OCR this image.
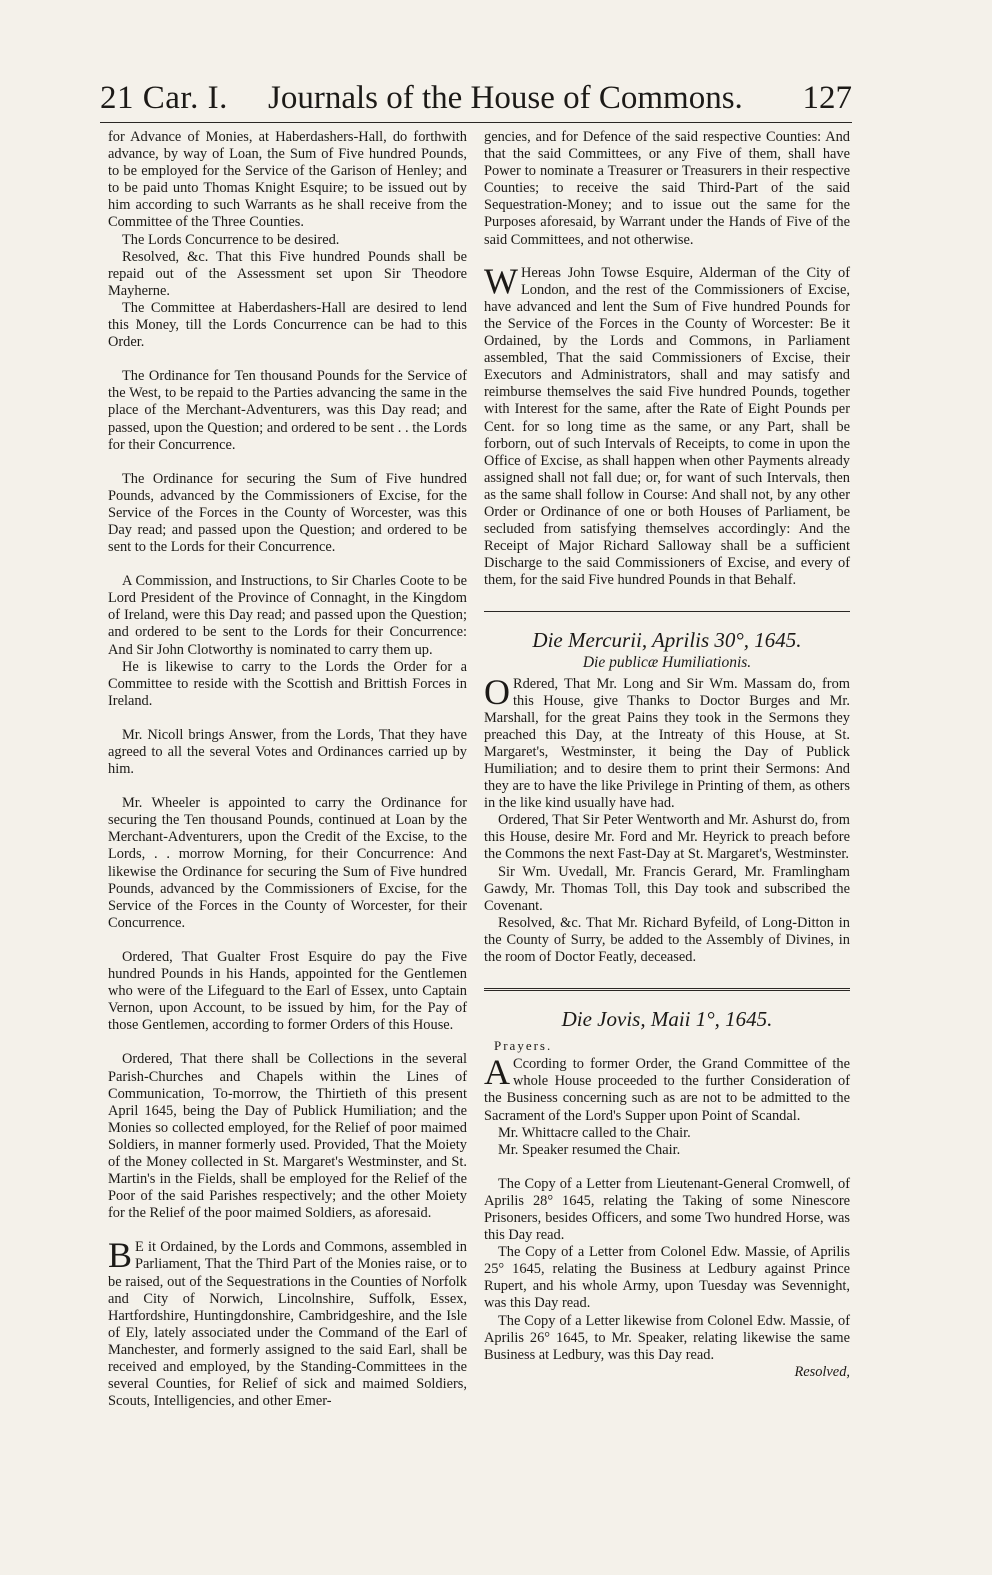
21 Car. I. Journals of the House of Commons. 127

for Advance of Monies, at Haberdashers-Hall, do forthwith advance, by way of Loan, the Sum of Five hundred Pounds, to be employed for the Service of the Garison of Henley; and to be paid unto Thomas Knight Esquire; to be issued out by him according to such Warrants as he shall receive from the Committee of the Three Counties.

The Lords Concurrence to be desired.

Resolved, &c. That this Five hundred Pounds shall be repaid out of the Assessment set upon Sir Theodore Mayherne.

The Committee at Haberdashers-Hall are desired to lend this Money, till the Lords Concurrence can be had to this Order.

The Ordinance for Ten thousand Pounds for the Service of the West, to be repaid to the Parties advancing the same in the place of the Merchant-Adventurers, was this Day read; and passed, upon the Question; and ordered to be sent . . the Lords for their Concurrence.

The Ordinance for securing the Sum of Five hundred Pounds, advanced by the Commissioners of Excise, for the Service of the Forces in the County of Worcester, was this Day read; and passed upon the Question; and ordered to be sent to the Lords for their Concurrence.

A Commission, and Instructions, to Sir Charles Coote to be Lord President of the Province of Connaght, in the Kingdom of Ireland, were this Day read; and passed upon the Question; and ordered to be sent to the Lords for their Concurrence: And Sir John Clotworthy is nominated to carry them up.

He is likewise to carry to the Lords the Order for a Committee to reside with the Scottish and Brittish Forces in Ireland.

Mr. Nicoll brings Answer, from the Lords, That they have agreed to all the several Votes and Ordinances carried up by him.

Mr. Wheeler is appointed to carry the Ordinance for securing the Ten thousand Pounds, continued at Loan by the Merchant-Adventurers, upon the Credit of the Excise, to the Lords, . . morrow Morning, for their Concurrence: And likewise the Ordinance for securing the Sum of Five hundred Pounds, advanced by the Commissioners of Excise, for the Service of the Forces in the County of Worcester, for their Concurrence.

Ordered, That Gualter Frost Esquire do pay the Five hundred Pounds in his Hands, appointed for the Gentlemen who were of the Lifeguard to the Earl of Essex, unto Captain Vernon, upon Account, to be issued by him, for the Pay of those Gentlemen, according to former Orders of this House.

Ordered, That there shall be Collections in the several Parish-Churches and Chapels within the Lines of Communication, To-morrow, the Thirtieth of this present April 1645, being the Day of Publick Humiliation; and the Monies so collected employed, for the Relief of poor maimed Soldiers, in manner formerly used. Provided, That the Moiety of the Money collected in St. Margaret's Westminster, and St. Martin's in the Fields, shall be employed for the Relief of the Poor of the said Parishes respectively; and the other Moiety for the Relief of the poor maimed Soldiers, as aforesaid.

BE it Ordained, by the Lords and Commons, assembled in Parliament, That the Third Part of the Monies raise, or to be raised, out of the Sequestrations in the Counties of Norfolk and City of Norwich, Lincolnshire, Suffolk, Essex, Hartfordshire, Huntingdonshire, Cambridgeshire, and the Isle of Ely, lately associated under the Command of the Earl of Manchester, and formerly assigned to the said Earl, shall be received and employed, by the Standing-Committees in the several Counties, for Relief of sick and maimed Soldiers, Scouts, Intelligencies, and other Emer-

gencies, and for Defence of the said respective Counties: And that the said Committees, or any Five of them, shall have Power to nominate a Treasurer or Treasurers in their respective Counties; to receive the said Third-Part of the said Sequestration-Money; and to issue out the same for the Purposes aforesaid, by Warrant under the Hands of Five of the said Committees, and not otherwise.

WHereas John Towse Esquire, Alderman of the City of London, and the rest of the Commissioners of Excise, have advanced and lent the Sum of Five hundred Pounds for the Service of the Forces in the County of Worcester: Be it Ordained, by the Lords and Commons, in Parliament assembled, That the said Commissioners of Excise, their Executors and Administrators, shall and may satisfy and reimburse themselves the said Five hundred Pounds, together with Interest for the same, after the Rate of Eight Pounds per Cent. for so long time as the same, or any Part, shall be forborn, out of such Intervals of Receipts, to come in upon the Office of Excise, as shall happen when other Payments already assigned shall not fall due; or, for want of such Intervals, then as the same shall follow in Course: And shall not, by any other Order or Ordinance of one or both Houses of Parliament, be secluded from satisfying themselves accordingly: And the Receipt of Major Richard Salloway shall be a sufficient Discharge to the said Commissioners of Excise, and every of them, for the said Five hundred Pounds in that Behalf.

Die Mercurii, Aprilis 30°, 1645.
Die publicæ Humiliationis.

ORdered, That Mr. Long and Sir Wm. Massam do, from this House, give Thanks to Doctor Burges and Mr. Marshall, for the great Pains they took in the Sermons they preached this Day, at the Intreaty of this House, at St. Margaret's, Westminster, it being the Day of Publick Humiliation; and to desire them to print their Sermons: And they are to have the like Privilege in Printing of them, as others in the like kind usually have had.

Ordered, That Sir Peter Wentworth and Mr. Ashurst do, from this House, desire Mr. Ford and Mr. Heyrick to preach before the Commons the next Fast-Day at St. Margaret's, Westminster.

Sir Wm. Uvedall, Mr. Francis Gerard, Mr. Framlingham Gawdy, Mr. Thomas Toll, this Day took and subscribed the Covenant.

Resolved, &c. That Mr. Richard Byfeild, of Long-Ditton in the County of Surry, be added to the Assembly of Divines, in the room of Doctor Featly, deceased.

Die Jovis, Maii 1°, 1645.
Prayers.

ACcording to former Order, the Grand Committee of the whole House proceeded to the further Consideration of the Business concerning such as are not to be admitted to the Sacrament of the Lord's Supper upon Point of Scandal.

Mr. Whittacre called to the Chair.

Mr. Speaker resumed the Chair.

The Copy of a Letter from Lieutenant-General Cromwell, of Aprilis 28° 1645, relating the Taking of some Ninescore Prisoners, besides Officers, and some Two hundred Horse, was this Day read.

The Copy of a Letter from Colonel Edw. Massie, of Aprilis 25° 1645, relating the Business at Ledbury against Prince Rupert, and his whole Army, upon Tuesday was Sevennight, was this Day read.

The Copy of a Letter likewise from Colonel Edw. Massie, of Aprilis 26° 1645, to Mr. Speaker, relating likewise the same Business at Ledbury, was this Day read.

Resolved,
